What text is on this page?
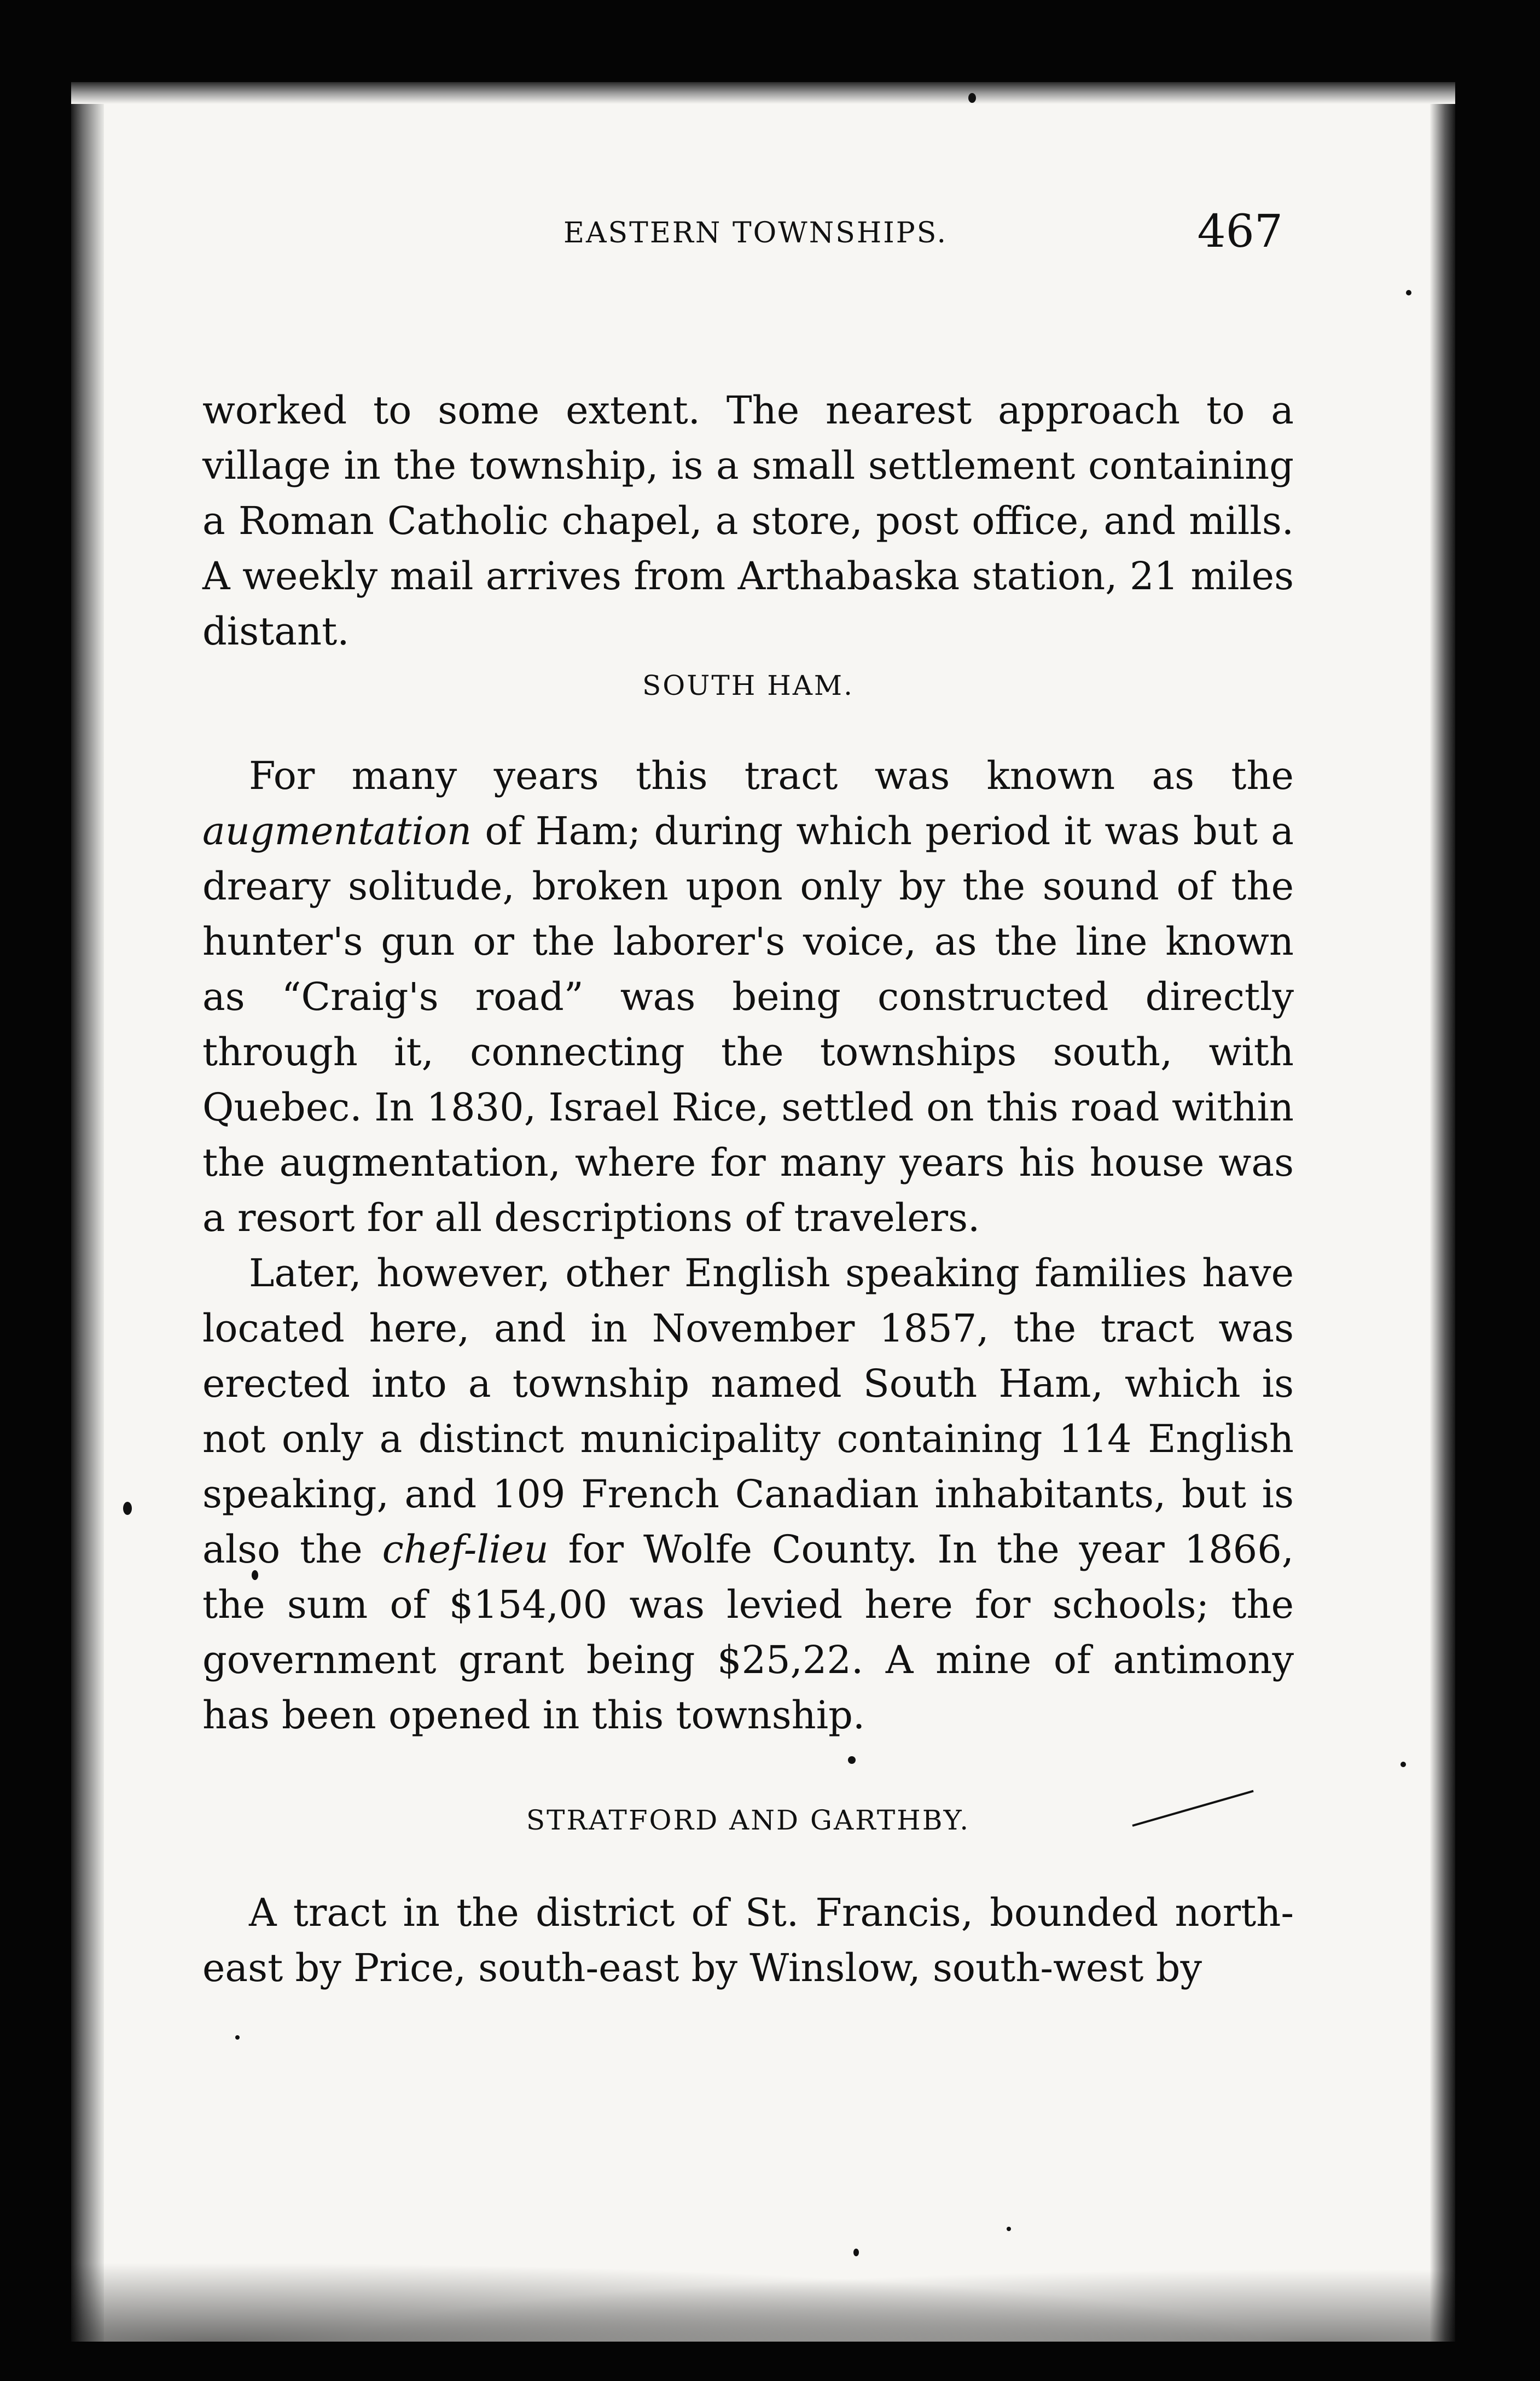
EASTERN TOWNSHIPS.	467

worked to some extent. The nearest approach to a village in the township, is a small settlement containing a Roman Catholic chapel, a store, post office, and mills. A weekly mail arrives from Arthabaska station, 21 miles distant.

SOUTH HAM.

For many years this tract was known as the augmentation of Ham; during which period it was but a dreary solitude, broken upon only by the sound of the hunter's gun or the laborer's voice, as the line known as “Craig's road” was being constructed directly through it, connecting the townships south, with Quebec. In 1830, Israel Rice, settled on this road within the augmentation, where for many years his house was a resort for all descriptions of travelers.

Later, however, other English speaking families have located here, and in November 1857, the tract was erected into a township named South Ham, which is not only a distinct municipality containing 114 English speaking, and 109 French Canadian inhabitants, but is also the chef-lieu for Wolfe County. In the year 1866, the sum of $154,00 was levied here for schools; the government grant being $25,22. A mine of antimony has been opened in this township.

STRATFORD AND GARTHBY.

A tract in the district of St. Francis, bounded north-east by Price, south-east by Winslow, south-west by
